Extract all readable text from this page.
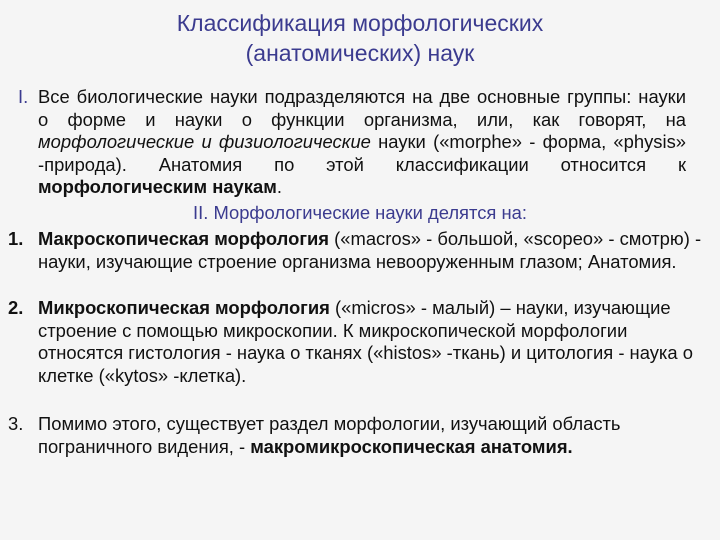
Классификация морфологических
(анатомических) наук
I. Все биологические науки подразделяются на две основные группы: науки о форме и науки о функции организма, или, как говорят, на морфологические и физиологические науки («morphe» - форма, «physis» -природа). Анатомия по этой классификации относится к морфологическим наукам.
II. Морфологические науки делятся на:
1. Макроскопическая морфология («macros» - большой, «scopeo» - смотрю) - науки, изучающие строение организма невооруженным глазом; Анатомия.
2. Микроскопическая морфология («micros» - малый) – науки, изучающие строение с помощью микроскопии. К микроскопической морфологии относятся гистология - наука о тканях («histos» -ткань) и цитология - наука о клетке («kytos» -клетка).
3. Помимо этого, существует раздел морфологии, изучающий область пограничного видения, - макромикроскопическая анатомия.
